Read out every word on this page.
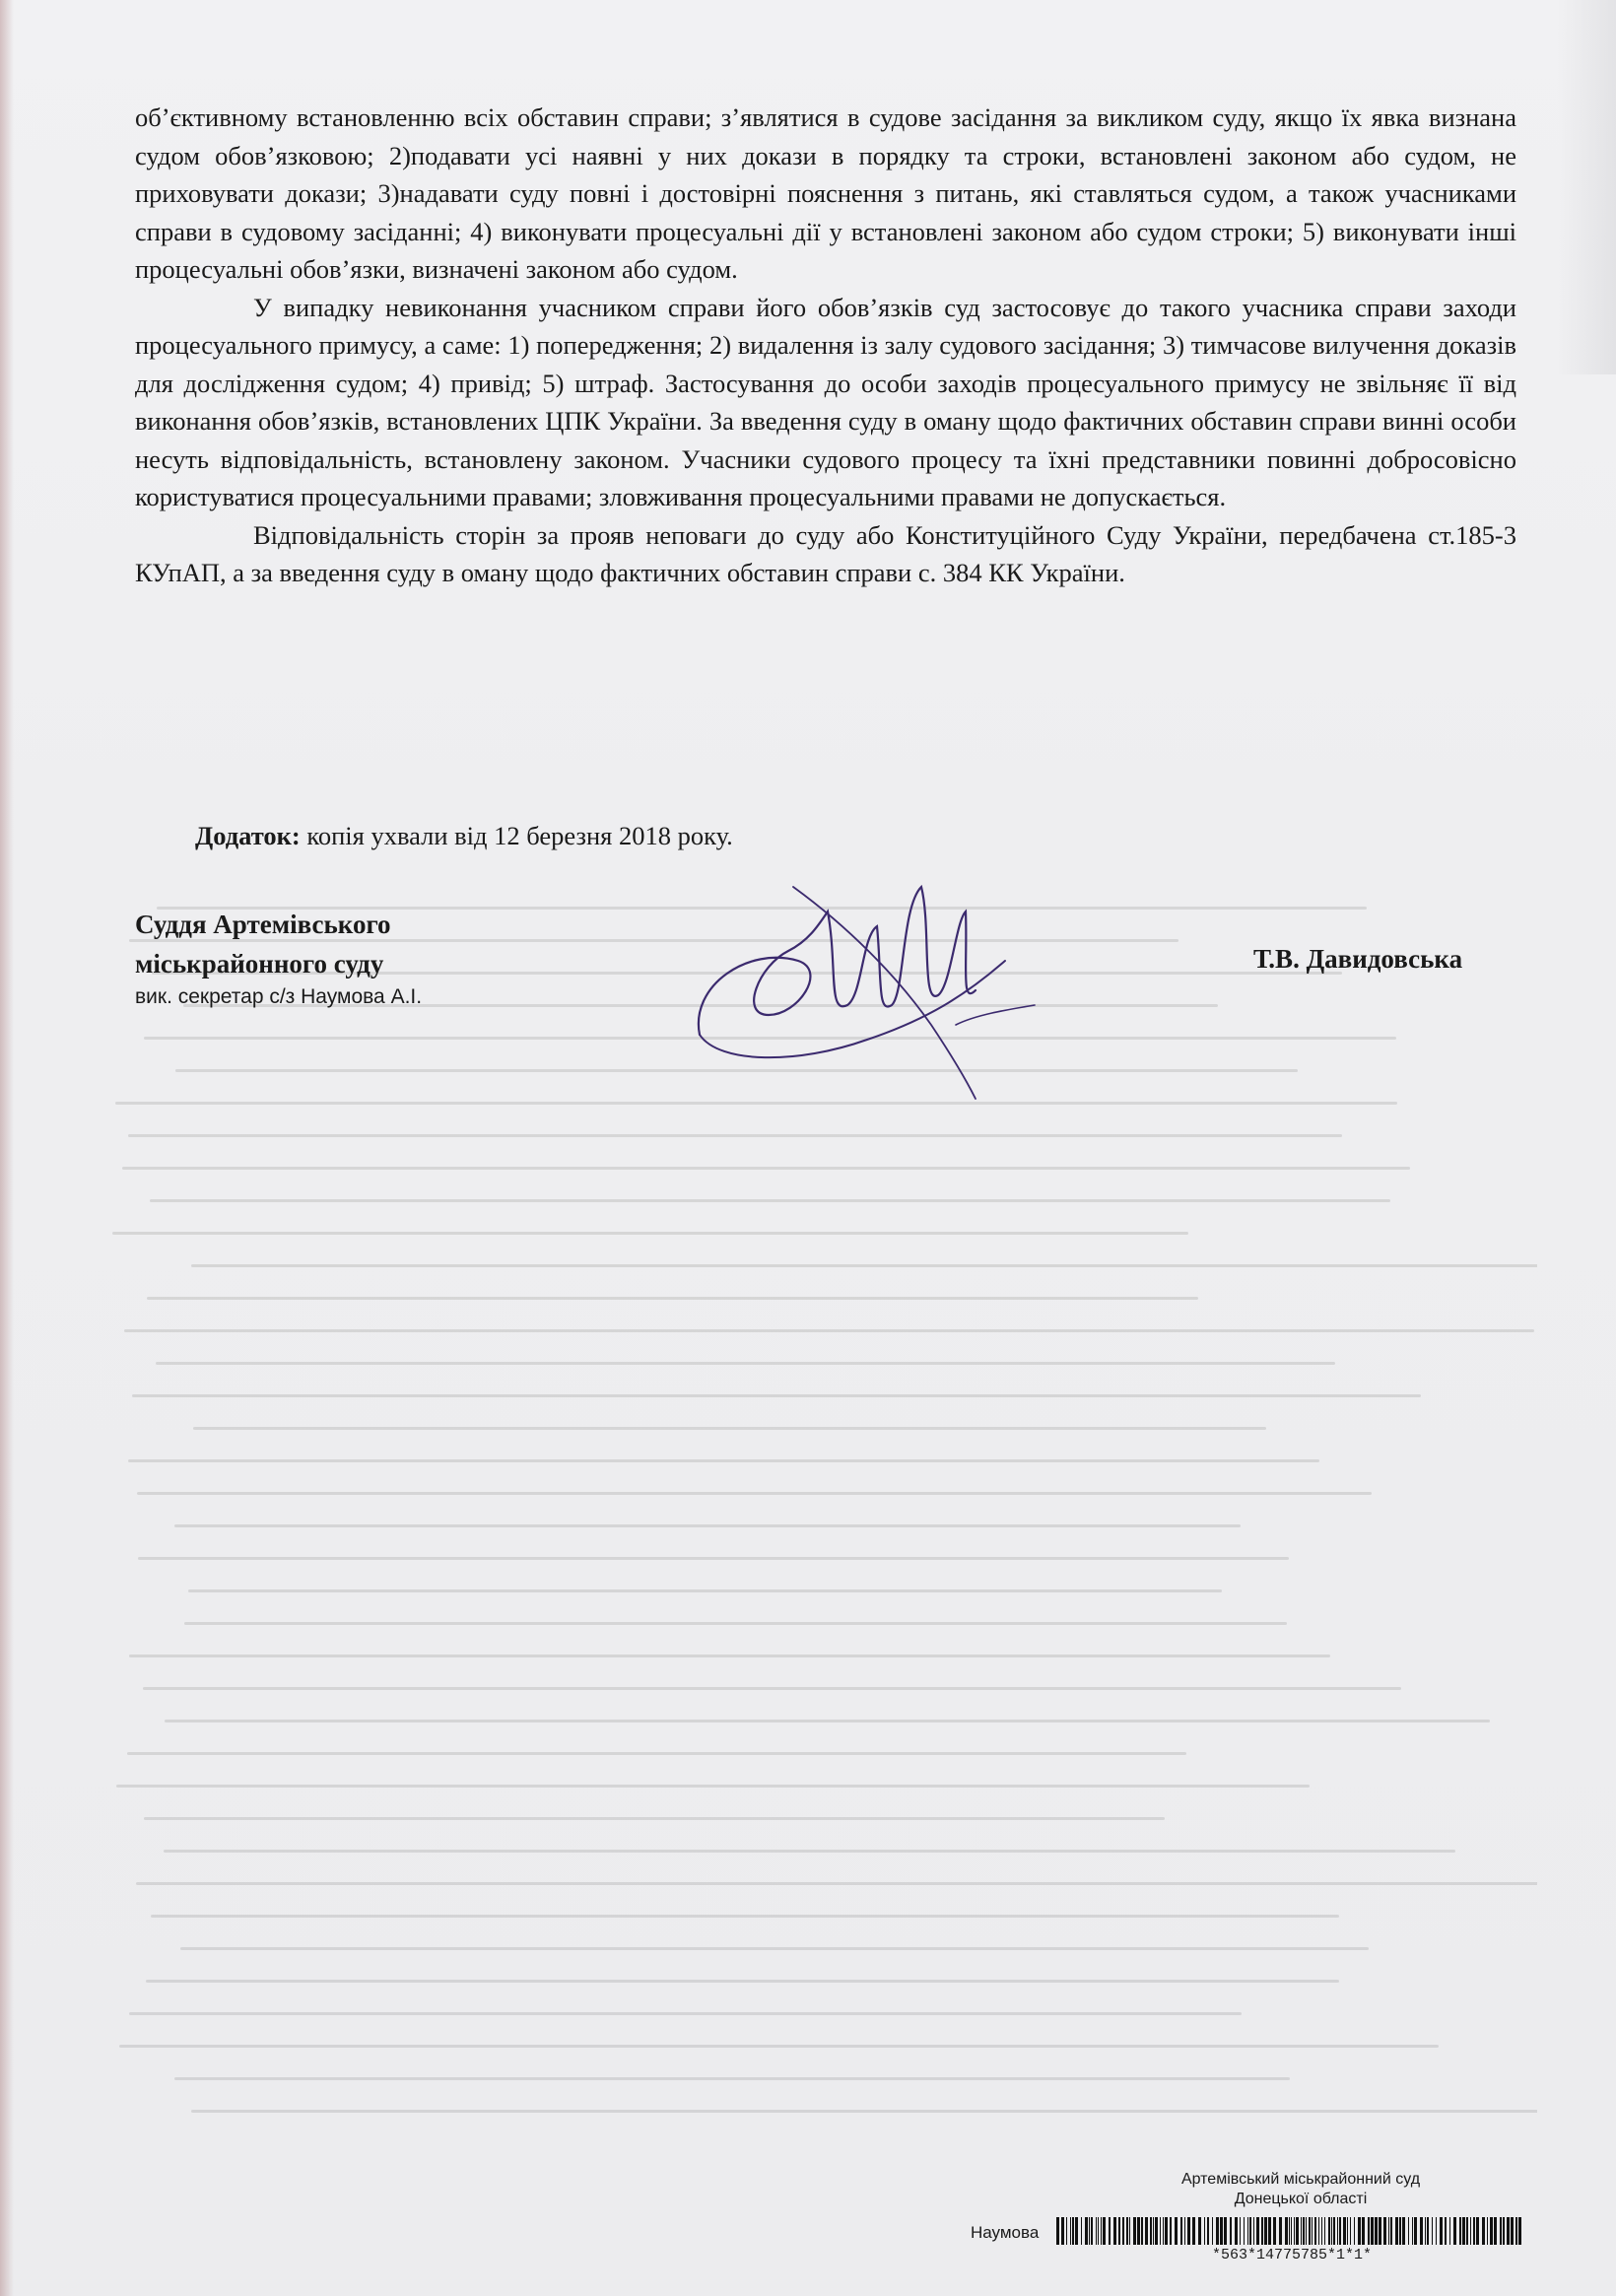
об’єктивному встановленню всіх обставин справи; з’являтися в судове засідання за викликом суду, якщо їх явка визнана судом обов’язковою; 2)подавати усі наявні у них докази в порядку та строки, встановлені законом або судом, не приховувати докази; 3)надавати суду повні і достовірні пояснення з питань, які ставляться судом, а також учасниками справи в судовому засіданні; 4) виконувати процесуальні дії у встановлені законом або судом строки; 5) виконувати інші процесуальні обов’язки, визначені законом або судом.

У випадку невиконання учасником справи його обов’язків суд застосовує до такого учасника справи заходи процесуального примусу, а саме: 1) попередження; 2) видалення із залу судового засідання; 3) тимчасове вилучення доказів для дослідження судом; 4) привід; 5) штраф. Застосування до особи заходів процесуального примусу не звільняє її від виконання обов’язків, встановлених ЦПК України. За введення суду в оману щодо фактичних обставин справи винні особи несуть відповідальність, встановлену законом. Учасники судового процесу та їхні представники повинні добросовісно користуватися процесуальними правами; зловживання процесуальними правами не допускається.

Відповідальність сторін за прояв неповаги до суду або Конституційного Суду України, передбачена ст.185-3 КУпАП, а за введення суду в оману щодо фактичних обставин справи с. 384 КК України.

Додаток: копія ухвали від 12 березня 2018 року.
Суддя Артемівського
міськрайонного суду
вик. секретар с/з Наумова А.І.
Т.В. Давидовська
Артемівський міськрайонний суд
Донецької області
Наумова
*563*14775785*1*1*
